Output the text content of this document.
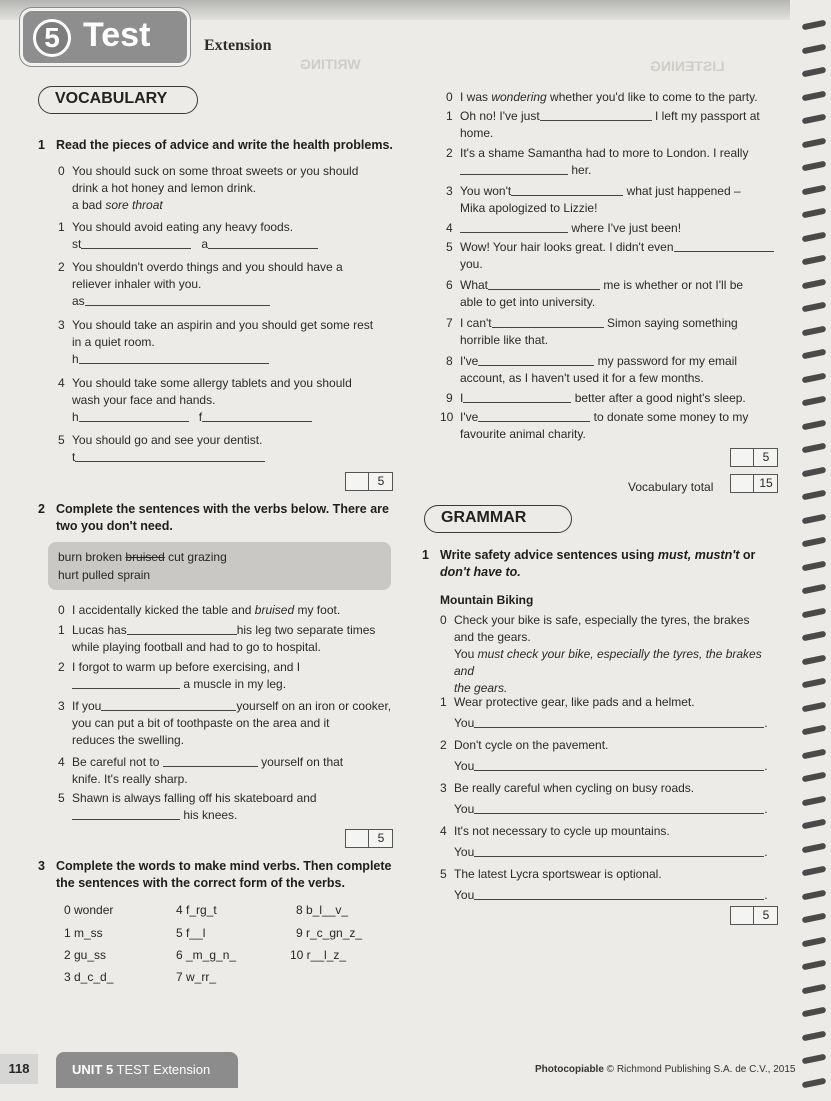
WRITING	LISTENING
5 Test	Extension
VOCABULARY
1 Read the pieces of advice and write the health problems.
0 You should suck on some throat sweets or you should
drink a hot honey and lemon drink.
a bad sore throat
1 You should avoid eating any heavy foods.
st	a
2 You shouldn't overdo things and you should have a
reliever inhaler with you.
as
3 You should take an aspirin and you should get some rest
in a quiet room.
h
4 You should take some allergy tablets and you should
wash your face and hands.
h	f
5 You should go and see your dentist.
t
5
2 Complete the sentences with the verbs below. There are
two you don't need.
burn broken bruised cut grazing
hurt pulled sprain
0 I accidentally kicked the table and bruised my foot.
1 Lucas has	his leg two separate times
while playing football and had to go to hospital.
2 I forgot to warm up before exercising, and I
a muscle in my leg.
3 If you	yourself on an iron or cooker,
you can put a bit of toothpaste on the area and it
reduces the swelling.
4 Be careful not to	yourself on that
knife. It's really sharp.
5 Shawn is always falling off his skateboard and
his knees.
5
3 Complete the words to make mind verbs. Then complete
the sentences with the correct form of the verbs.
0 wonder	4 f_rg_t	8 b_l__v_
1 m_ss	5 f__l	9 r_c_gn_z_
2 gu_ss	6 _m_g_n_	10 r__l_z_
3 d_c_d_	7 w_rr_
0 I was wondering whether you'd like to come to the party.
1 Oh no! I've just	I left my passport at
home.
2 It's a shame Samantha had to more to London. I really
her.
3 You won't	what just happened –
Mika apologized to Lizzie!
4	where I've just been!
5 Wow! Your hair looks great. I didn't even
you.
6 What	me is whether or not I'll be
able to get into university.
7 I can't	Simon saying something
horrible like that.
8 I've	my password for my email
account, as I haven't used it for a few months.
9 I	better after a good night's sleep.
10 I've	to donate some money to my
favourite animal charity.
5
Vocabulary total	15
GRAMMAR
1 Write safety advice sentences using must, mustn't or
don't have to.
Mountain Biking
0 Check your bike is safe, especially the tyres, the brakes
and the gears.
You must check your bike, especially the tyres, the brakes and
the gears.
1 Wear protective gear, like pads and a helmet.
You	.
2 Don't cycle on the pavement.
You	.
3 Be really careful when cycling on busy roads.
You	.
4 It's not necessary to cycle up mountains.
You	.
5 The latest Lycra sportswear is optional.
You	.
5
118	UNIT 5 TEST Extension	Photocopiable © Richmond Publishing S.A. de C.V., 2015
